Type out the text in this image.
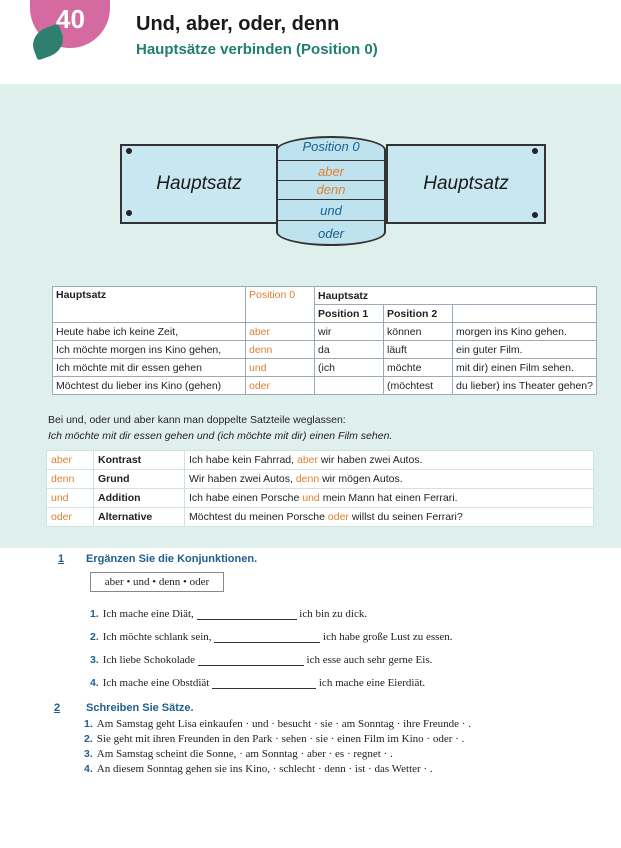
40	Und, aber, oder, denn
Hauptsätze verbinden (Position 0)
Hauptsatz	Hauptsatz
Position 0
aber
denn
und
oder
Hauptsatz	Position 0	Hauptsatz		
		Position 1	Position 2	
Heute habe ich keine Zeit,	aber	wir	können	morgen ins Kino gehen.
Ich möchte morgen ins Kino gehen,	denn	da	läuft	ein guter Film.
Ich möchte mit dir essen gehen	und	(ich	möchte	mit dir) einen Film sehen.
Möchtest du lieber ins Kino (gehen)	oder		(möchtest	du lieber) ins Theater gehen?
Bei und, oder und aber kann man doppelte Satzteile weglassen:
Ich möchte mit dir essen gehen und (ich möchte mit dir) einen Film sehen.
aber	Kontrast	Ich habe kein Fahrrad, aber wir haben zwei Autos.
denn	Grund	Wir haben zwei Autos, denn wir mögen Autos.
und	Addition	Ich habe einen Porsche und mein Mann hat einen Ferrari.
oder	Alternative	Möchtest du meinen Porsche oder willst du seinen Ferrari?
1 Ergänzen Sie die Konjunktionen.
aber • und • denn • oder
1. Ich mache eine Diät,	ich bin zu dick.
2. Ich möchte schlank sein,	ich habe große Lust zu essen.
3. Ich liebe Schokolade	ich esse auch sehr gerne Eis.
4. Ich mache eine Obstdiät	ich mache eine Eierdiät.
2 Schreiben Sie Sätze.
1. Am Samstag geht Lisa einkaufen · und · besucht · sie · am Sonntag · ihre Freunde · .
2. Sie geht mit ihren Freunden in den Park · sehen · sie · einen Film im Kino · oder · .
3. Am Samstag scheint die Sonne, · am Sonntag · aber · es · regnet · .
4. An diesem Sonntag gehen sie ins Kino, · schlecht · denn · ist · das Wetter · .
